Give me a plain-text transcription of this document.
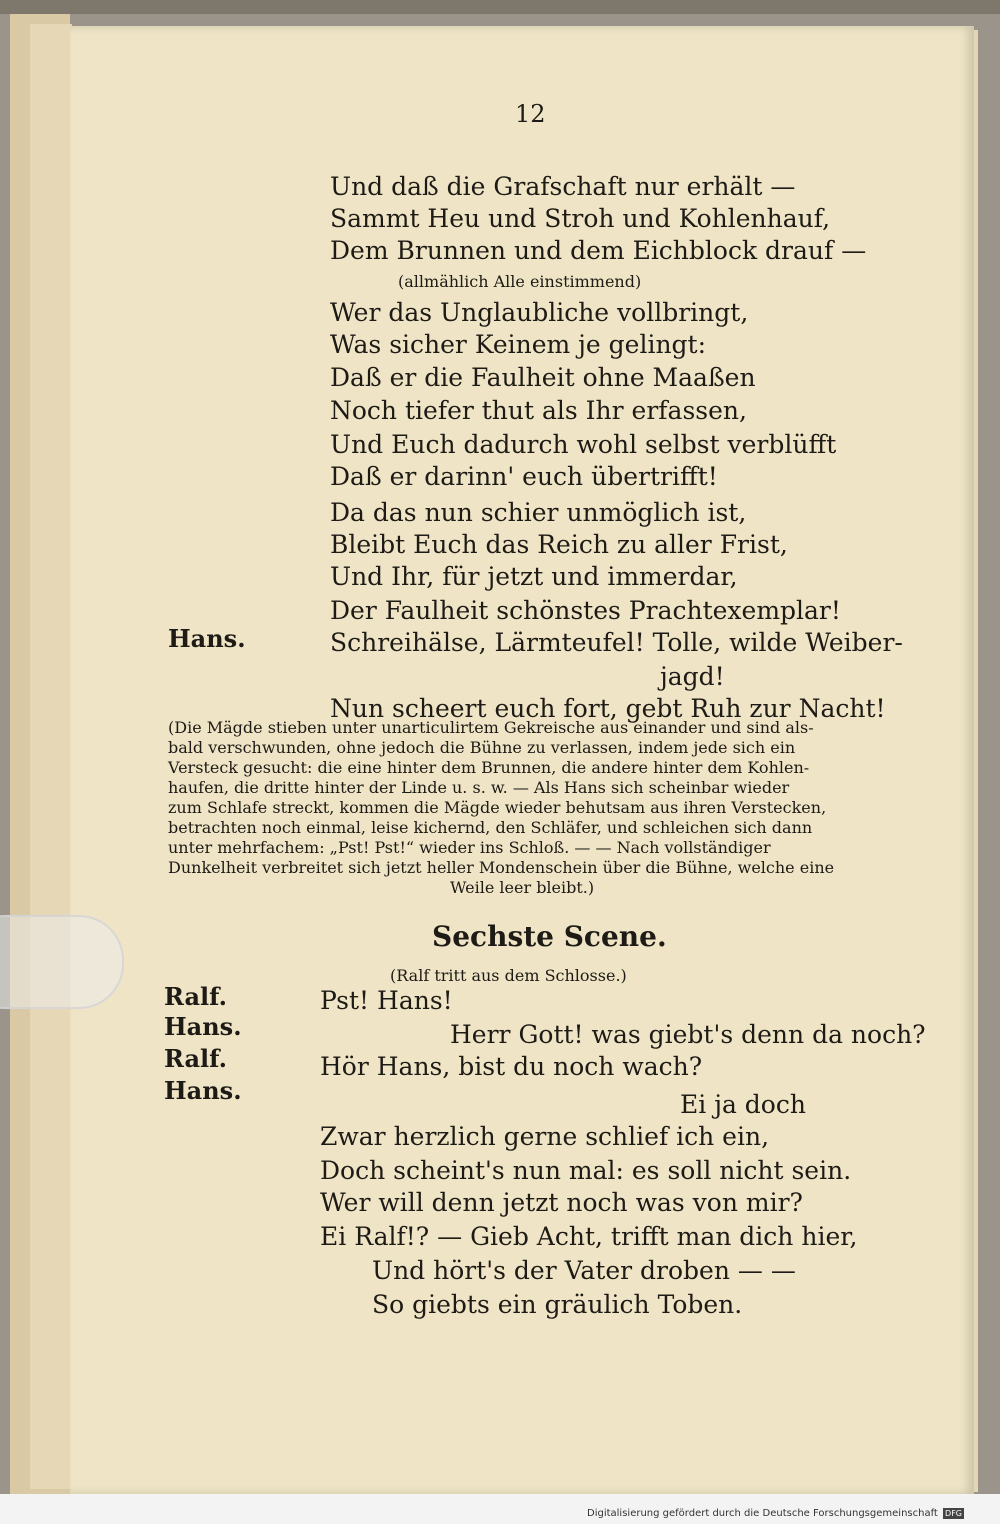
12
Und daß die Grafschaft nur erhält —
Sammt Heu und Stroh und Kohlenhauf,
Dem Brunnen und dem Eichblock drauf —
(allmählich Alle einstimmend)
Wer das Unglaubliche vollbringt,
Was sicher Keinem je gelingt:
Daß er die Faulheit ohne Maaßen
Noch tiefer thut als Ihr erfassen,
Und Euch dadurch wohl selbst verblüfft
Daß er darinn' euch übertrifft!
Da das nun schier unmöglich ist,
Bleibt Euch das Reich zu aller Frist,
Und Ihr, für jetzt und immerdar,
Der Faulheit schönstes Prachtexemplar!
Hans.	Schreihälse, Lärmteufel! Tolle, wilde Weiber-
jagd!
Nun scheert euch fort, gebt Ruh zur Nacht!
(Die Mägde stieben unter unarticulirtem Gekreische aus einander und sind als-
bald verschwunden, ohne jedoch die Bühne zu verlassen, indem jede sich ein
Versteck gesucht: die eine hinter dem Brunnen, die andere hinter dem Kohlen-
haufen, die dritte hinter der Linde u. s. w. — Als Hans sich scheinbar wieder
zum Schlafe streckt, kommen die Mägde wieder behutsam aus ihren Verstecken,
betrachten noch einmal, leise kichernd, den Schläfer, und schleichen sich dann
unter mehrfachem: „Pst! Pst!“ wieder ins Schloß. — — Nach vollständiger
Dunkelheit verbreitet sich jetzt heller Mondenschein über die Bühne, welche eine
Weile leer bleibt.)
Sechste Scene.
(Ralf tritt aus dem Schlosse.)
Ralf.
Hans.
Ralf.
Hans.
Pst! Hans!
Herr Gott! was giebt's denn da noch?
Hör Hans, bist du noch wach?
Ei ja doch
Zwar herzlich gerne schlief ich ein,
Doch scheint's nun mal: es soll nicht sein.
Wer will denn jetzt noch was von mir?
Ei Ralf!? — Gieb Acht, trifft man dich hier,
Und hört's der Vater droben — —
So giebts ein gräulich Toben.
Digitalisierung gefördert durch die Deutsche Forschungsgemeinschaft DFG
